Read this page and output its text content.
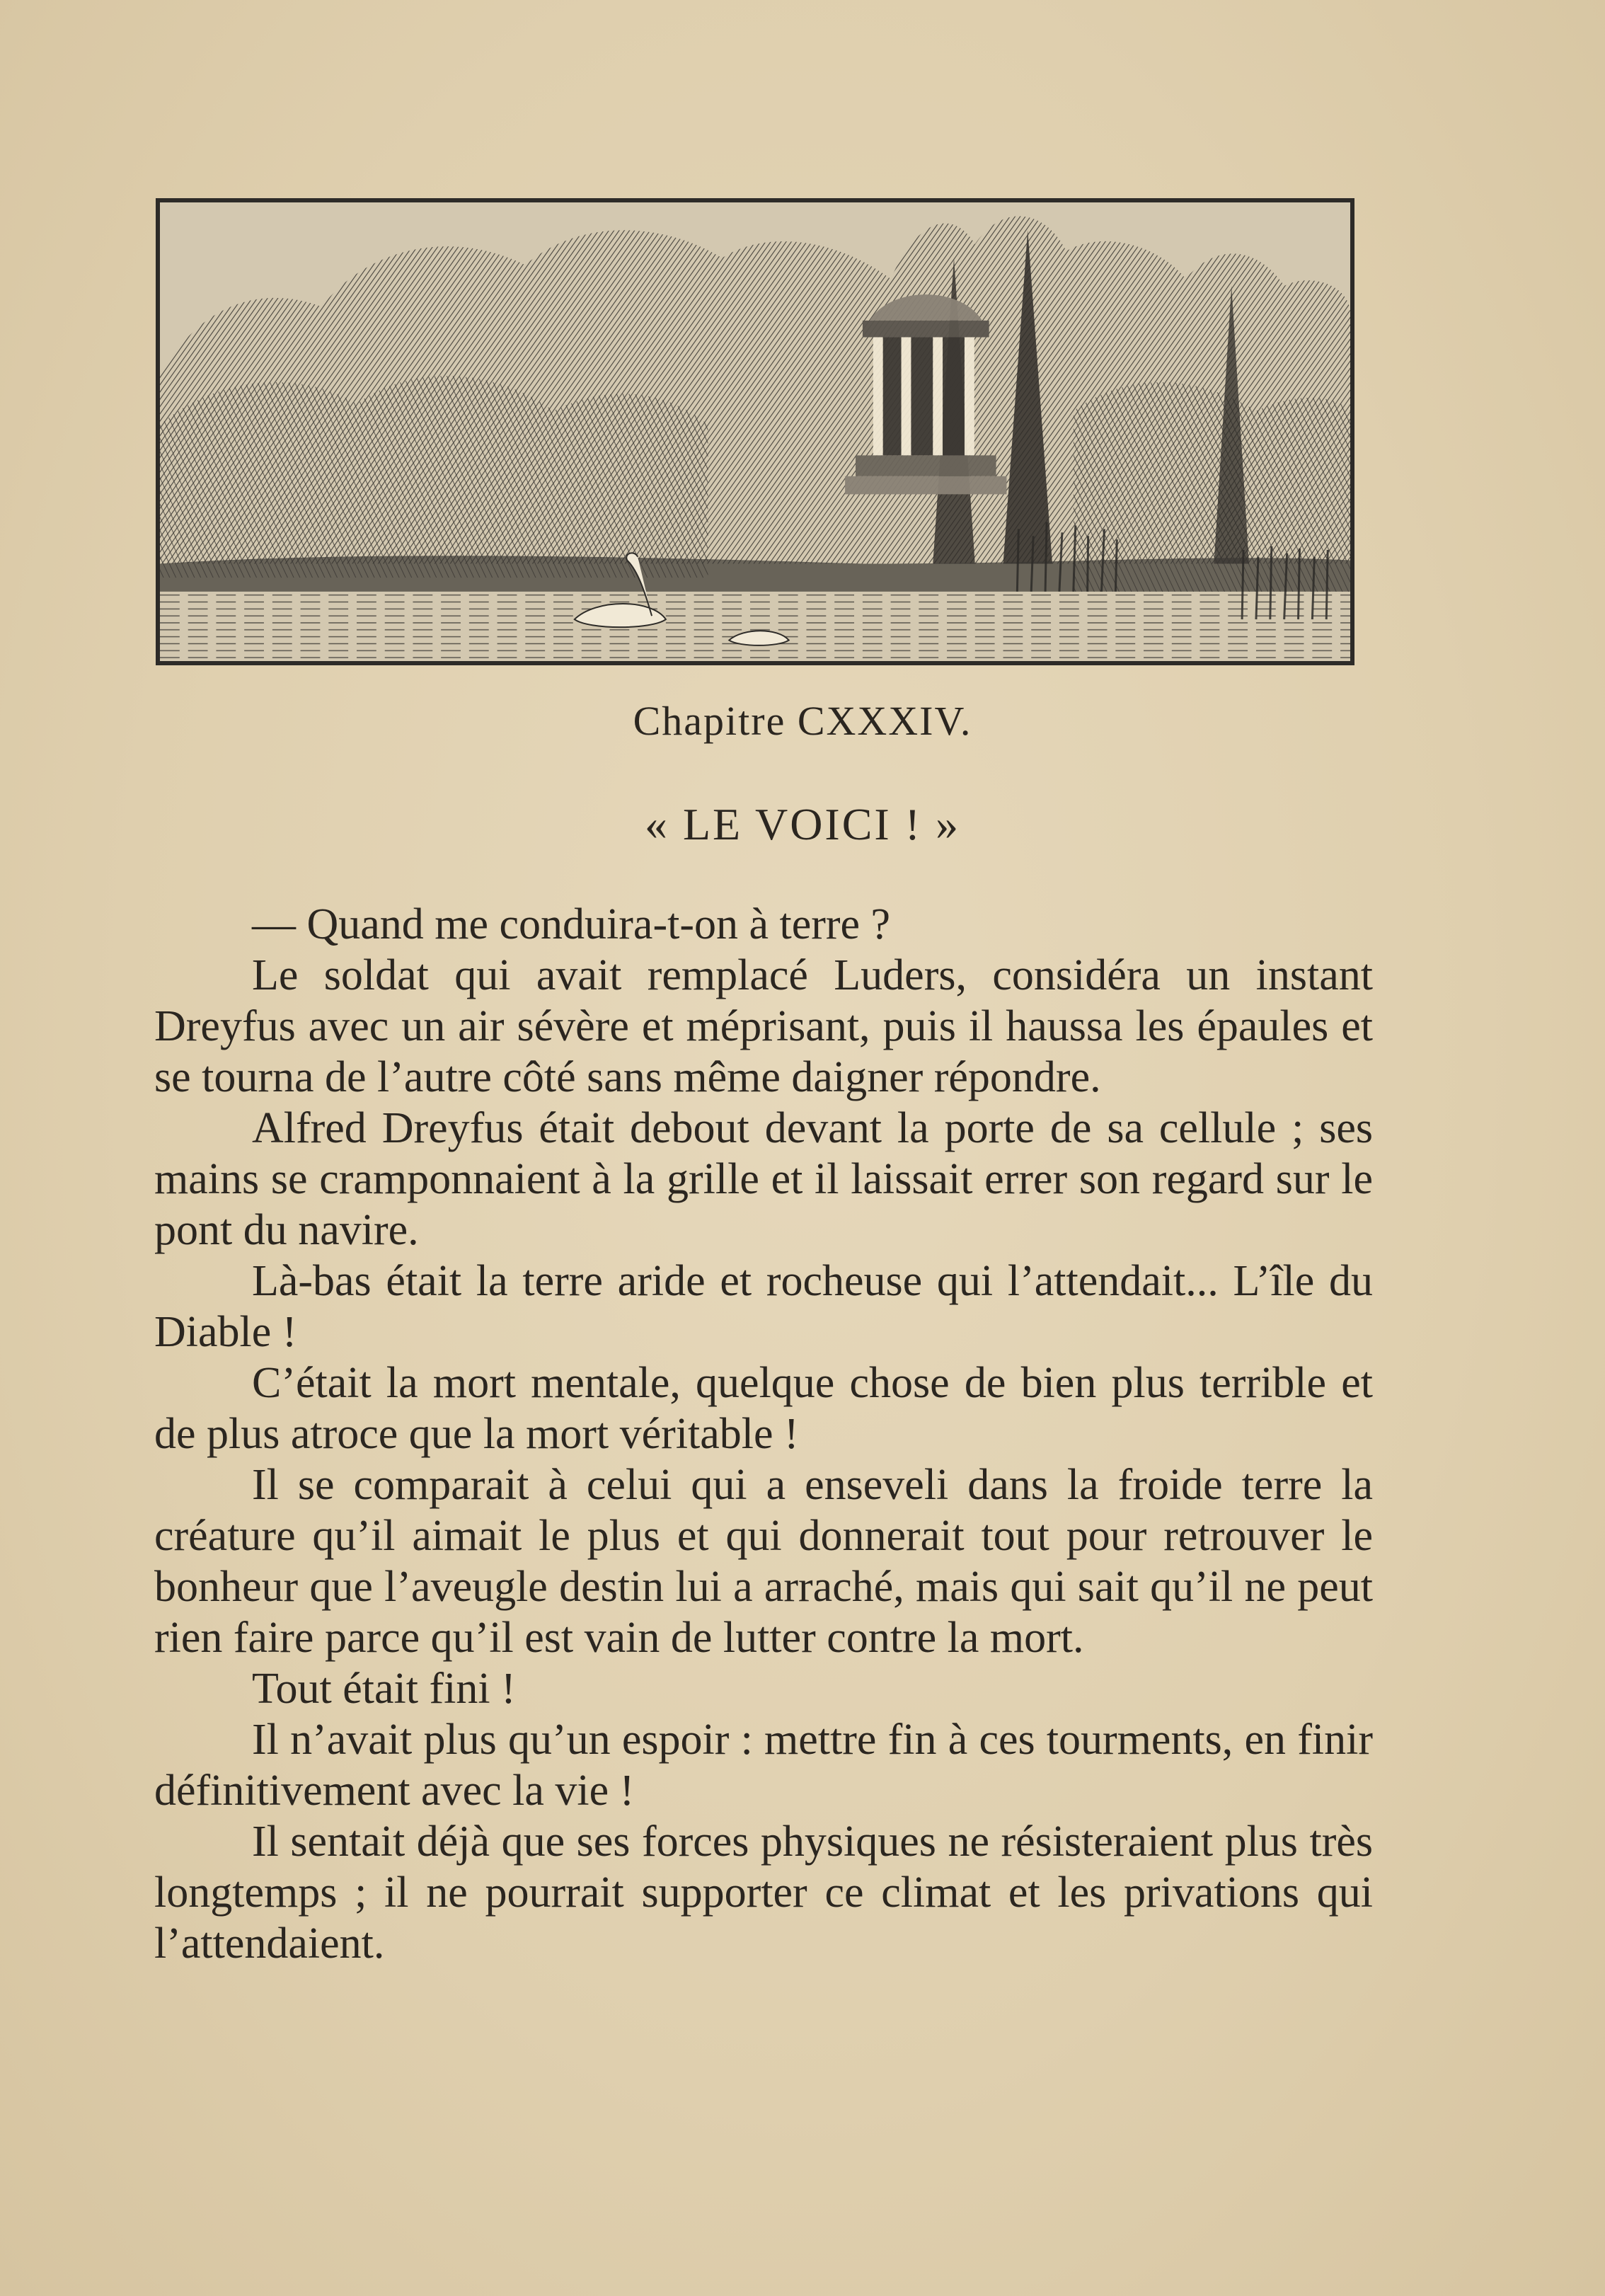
Chapitre CXXXIV.
« LE VOICI ! »

— Quand me conduira-t-on à terre ?

Le soldat qui avait remplacé Luders, considéra un instant Dreyfus avec un air sévère et méprisant, puis il haussa les épaules et se tourna de l’autre côté sans même daigner répondre.

Alfred Dreyfus était debout devant la porte de sa cellule ; ses mains se cramponnaient à la grille et il laissait errer son regard sur le pont du navire.

Là-bas était la terre aride et rocheuse qui l’attendait... L’île du Diable !

C’était la mort mentale, quelque chose de bien plus terrible et de plus atroce que la mort véritable !

Il se comparait à celui qui a enseveli dans la froide terre la créature qu’il aimait le plus et qui donnerait tout pour retrouver le bonheur que l’aveugle destin lui a arraché, mais qui sait qu’il ne peut rien faire parce qu’il est vain de lutter contre la mort.

Tout était fini !

Il n’avait plus qu’un espoir : mettre fin à ces tourments, en finir définitivement avec la vie !

Il sentait déjà que ses forces physiques ne résisteraient plus très longtemps ; il ne pourrait supporter ce climat et les privations qui l’attendaient.
